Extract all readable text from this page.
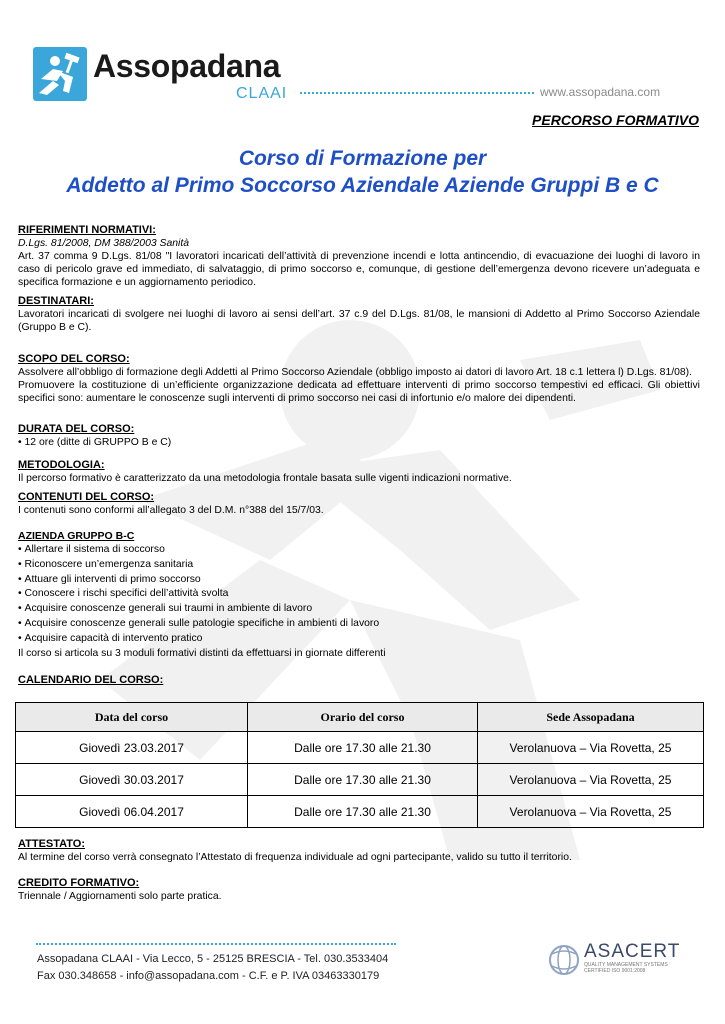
Assopadana
CLAAI	www.assopadana.com
PERCORSO FORMATIVO
Corso di Formazione per
Addetto al Primo Soccorso Aziendale Aziende Gruppi B e C
RIFERIMENTI NORMATIVI:
D.Lgs. 81/2008, DM 388/2003 Sanità
Art. 37 comma 9 D.Lgs. 81/08 "I lavoratori incaricati dell’attività di prevenzione incendi e lotta antincendio, di evacuazione dei luoghi di lavoro in caso di pericolo grave ed immediato, di salvataggio, di primo soccorso e, comunque, di gestione dell’emergenza devono ricevere un’adeguata e specifica formazione e un aggiornamento periodico.
DESTINATARI:
Lavoratori incaricati di svolgere nei luoghi di lavoro ai sensi dell’art. 37 c.9 del D.Lgs. 81/08, le mansioni di Addetto al Primo Soccorso Aziendale (Gruppo B e C).
SCOPO DEL CORSO:
Assolvere all’obbligo di formazione degli Addetti al Primo Soccorso Aziendale (obbligo imposto ai datori di lavoro Art. 18 c.1 lettera l) D.Lgs. 81/08).
Promuovere la costituzione di un’efficiente organizzazione dedicata ad effettuare interventi di primo soccorso tempestivi ed efficaci. Gli obiettivi specifici sono: aumentare le conoscenze sugli interventi di primo soccorso nei casi di infortunio e/o malore dei dipendenti.
DURATA DEL CORSO:
• 12 ore (ditte di GRUPPO B e C)
METODOLOGIA:
Il percorso formativo è caratterizzato da una metodologia frontale basata sulle vigenti indicazioni normative.
CONTENUTI DEL CORSO:
I contenuti sono conformi all’allegato 3 del D.M. n°388 del 15/7/03.
AZIENDA GRUPPO B-C
• Allertare il sistema di soccorso
• Riconoscere un’emergenza sanitaria
• Attuare gli interventi di primo soccorso
• Conoscere i rischi specifici dell’attività svolta
• Acquisire conoscenze generali sui traumi in ambiente di lavoro
• Acquisire conoscenze generali sulle patologie specifiche in ambienti di lavoro
• Acquisire capacità di intervento pratico
Il corso si articola su 3 moduli formativi distinti da effettuarsi in giornate differenti
CALENDARIO DEL CORSO:
Data del corso	Orario del corso	Sede Assopadana
Giovedì 23.03.2017	Dalle ore 17.30 alle 21.30	Verolanuova – Via Rovetta, 25
Giovedì 30.03.2017	Dalle ore 17.30 alle 21.30	Verolanuova – Via Rovetta, 25
Giovedì 06.04.2017	Dalle ore 17.30 alle 21.30	Verolanuova – Via Rovetta, 25
ATTESTATO:
Al termine del corso verrà consegnato l’Attestato di frequenza individuale ad ogni partecipante, valido su tutto il territorio.
CREDITO FORMATIVO:
Triennale / Aggiornamenti solo parte pratica.
Assopadana CLAAI - Via Lecco, 5 - 25125 BRESCIA - Tel. 030.3533404
Fax 030.348658 - info@assopadana.com - C.F. e P. IVA 03463330179
ASACERT
QUALITY MANAGEMENT SYSTEMS CERTIFIED ISO 9001:2008
